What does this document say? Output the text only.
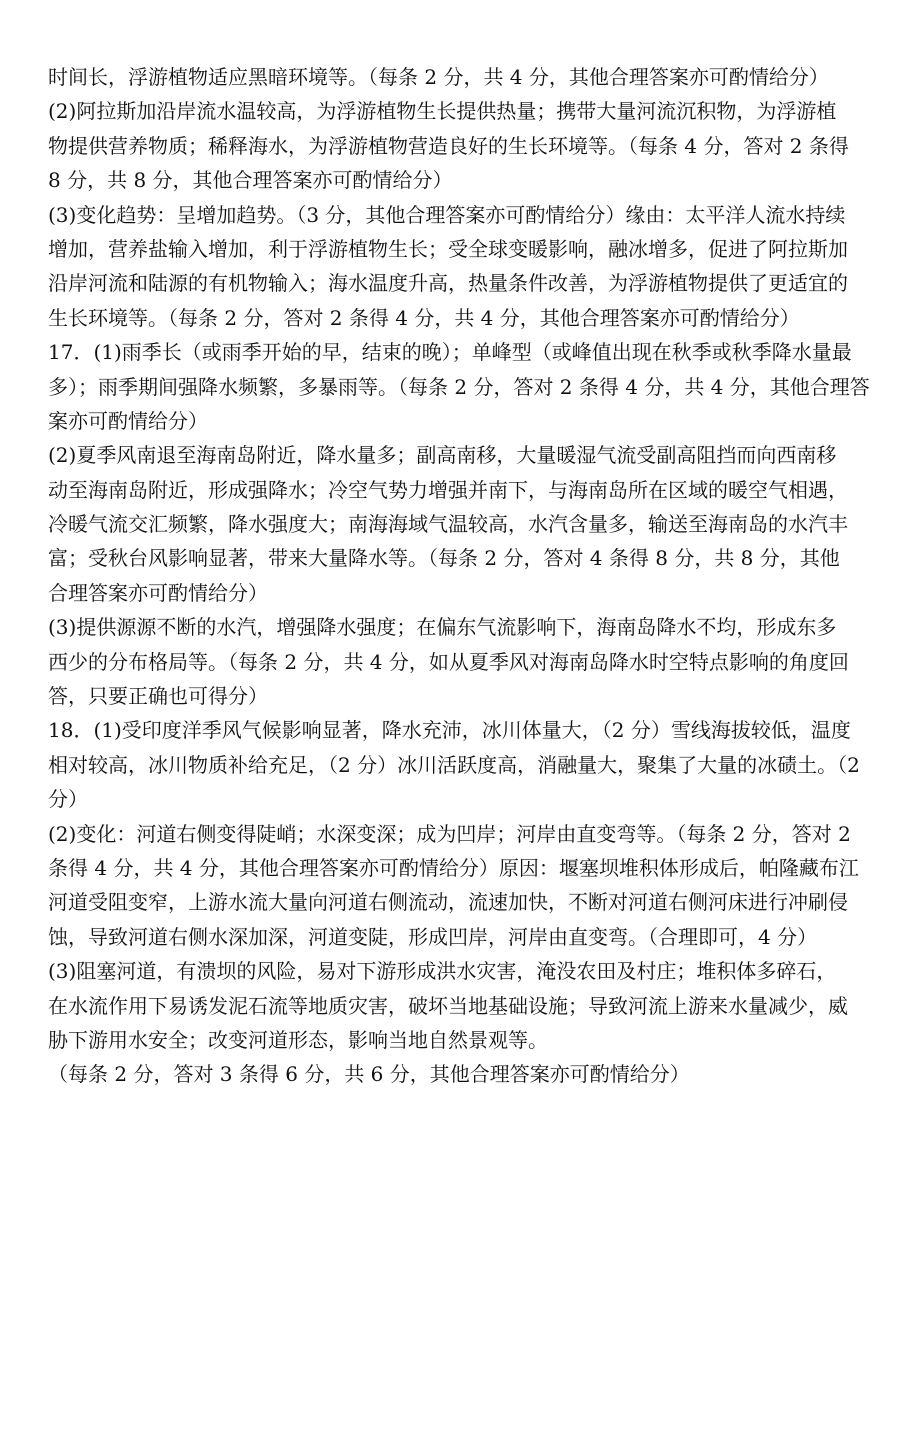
时间长，浮游植物适应黑暗环境等。（每条 2 分，共 4 分，其他合理答案亦可酌情给分）
(2)阿拉斯加沿岸流水温较高，为浮游植物生长提供热量；携带大量河流沉积物，为浮游植
物提供营养物质；稀释海水，为浮游植物营造良好的生长环境等。（每条 4 分，答对 2 条得
8 分，共 8 分，其他合理答案亦可酌情给分）
(3)变化趋势：呈增加趋势。（3 分，其他合理答案亦可酌情给分）缘由：太平洋人流水持续
增加，营养盐输入增加，利于浮游植物生长；受全球变暖影响，融冰增多，促进了阿拉斯加
沿岸河流和陆源的有机物输入；海水温度升高，热量条件改善，为浮游植物提供了更适宜的
生长环境等。（每条 2 分，答对 2 条得 4 分，共 4 分，其他合理答案亦可酌情给分）
17．(1)雨季长（或雨季开始的早，结束的晚）；单峰型（或峰值出现在秋季或秋季降水量最
多）；雨季期间强降水频繁，多暴雨等。（每条 2 分，答对 2 条得 4 分，共 4 分，其他合理答
案亦可酌情给分）
(2)夏季风南退至海南岛附近，降水量多；副高南移，大量暖湿气流受副高阻挡而向西南移
动至海南岛附近，形成强降水；冷空气势力增强并南下，与海南岛所在区域的暖空气相遇，
冷暖气流交汇频繁，降水强度大；南海海域气温较高，水汽含量多，输送至海南岛的水汽丰
富；受秋台风影响显著，带来大量降水等。（每条 2 分，答对 4 条得 8 分，共 8 分，其他
合理答案亦可酌情给分）
(3)提供源源不断的水汽，增强降水强度；在偏东气流影响下，海南岛降水不均，形成东多
西少的分布格局等。（每条 2 分，共 4 分，如从夏季风对海南岛降水时空特点影响的角度回
答，只要正确也可得分）
18．(1)受印度洋季风气候影响显著，降水充沛，冰川体量大，（2 分）雪线海拔较低，温度
相对较高，冰川物质补给充足，（2 分）冰川活跃度高，消融量大，聚集了大量的冰碛土。（2
分）
(2)变化：河道右侧变得陡峭；水深变深；成为凹岸；河岸由直变弯等。（每条 2 分，答对 2
条得 4 分，共 4 分，其他合理答案亦可酌情给分）原因：堰塞坝堆积体形成后，帕隆藏布江
河道受阻变窄，上游水流大量向河道右侧流动，流速加快，不断对河道右侧河床进行冲刷侵
蚀，导致河道右侧水深加深，河道变陡，形成凹岸，河岸由直变弯。（合理即可，4 分）
(3)阻塞河道，有溃坝的风险，易对下游形成洪水灾害，淹没农田及村庄；堆积体多碎石，
在水流作用下易诱发泥石流等地质灾害，破坏当地基础设施；导致河流上游来水量减少，威
胁下游用水安全；改变河道形态，影响当地自然景观等。
（每条 2 分，答对 3 条得 6 分，共 6 分，其他合理答案亦可酌情给分）
